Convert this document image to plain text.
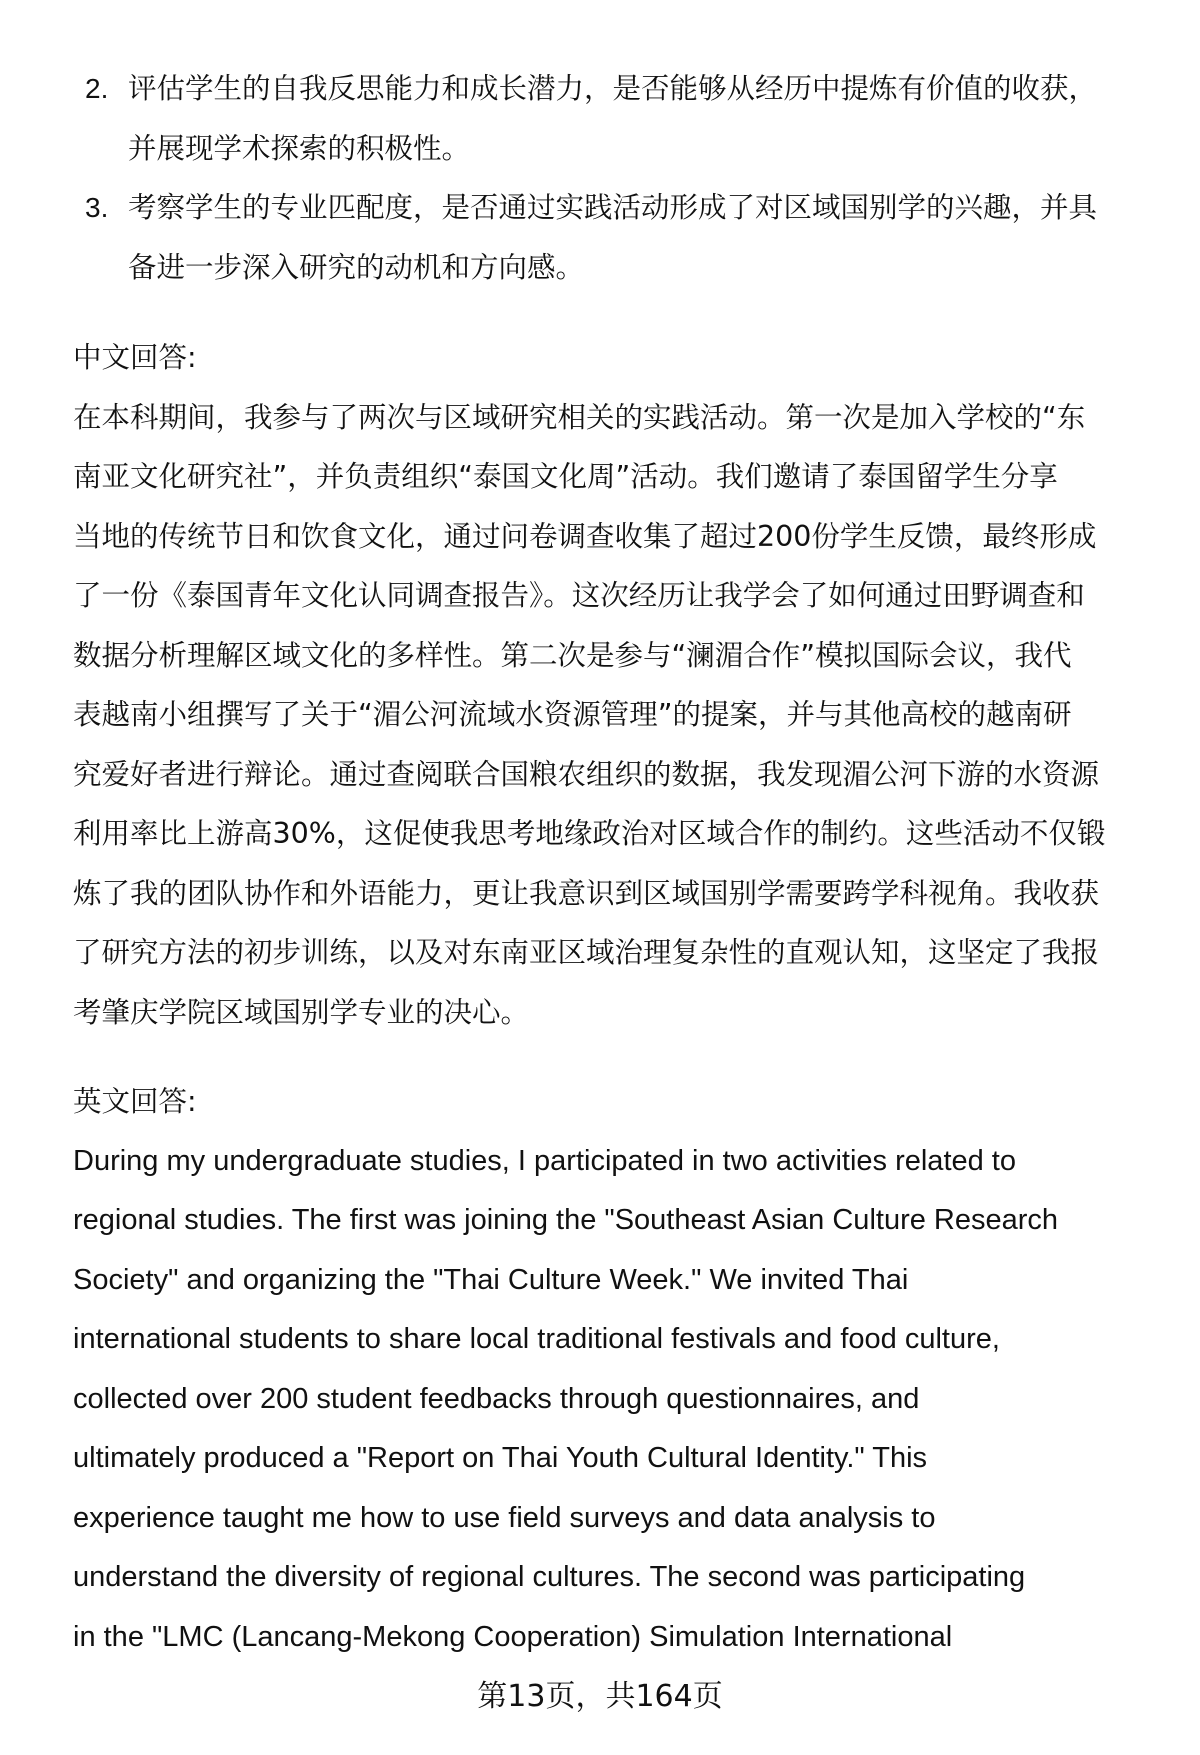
2. 评估学生的自我反思能力和成长潜力，是否能够从经历中提炼有价值的收获，
并展现学术探索的积极性。
3. 考察学生的专业匹配度，是否通过实践活动形成了对区域国别学的兴趣，并具
备进一步深入研究的动机和方向感。
中文回答:
在本科期间，我参与了两次与区域研究相关的实践活动。第一次是加入学校的“东
南亚文化研究社”，并负责组织“泰国文化周”活动。我们邀请了泰国留学生分享
当地的传统节日和饮食文化，通过问卷调查收集了超过200份学生反馈，最终形成
了一份《泰国青年文化认同调查报告》。这次经历让我学会了如何通过田野调查和
数据分析理解区域文化的多样性。第二次是参与“澜湄合作”模拟国际会议，我代
表越南小组撰写了关于“湄公河流域水资源管理”的提案，并与其他高校的越南研
究爱好者进行辩论。通过查阅联合国粮农组织的数据，我发现湄公河下游的水资源
利用率比上游高30%，这促使我思考地缘政治对区域合作的制约。这些活动不仅锻
炼了我的团队协作和外语能力，更让我意识到区域国别学需要跨学科视角。我收获
了研究方法的初步训练，以及对东南亚区域治理复杂性的直观认知，这坚定了我报
考肇庆学院区域国别学专业的决心。
英文回答:
During my undergraduate studies, I participated in two activities related to
regional studies. The first was joining the "Southeast Asian Culture Research
Society" and organizing the "Thai Culture Week." We invited Thai
international students to share local traditional festivals and food culture,
collected over 200 student feedbacks through questionnaires, and
ultimately produced a "Report on Thai Youth Cultural Identity." This
experience taught me how to use field surveys and data analysis to
understand the diversity of regional cultures. The second was participating
in the "LMC (Lancang-Mekong Cooperation) Simulation International
第13页，共164页
